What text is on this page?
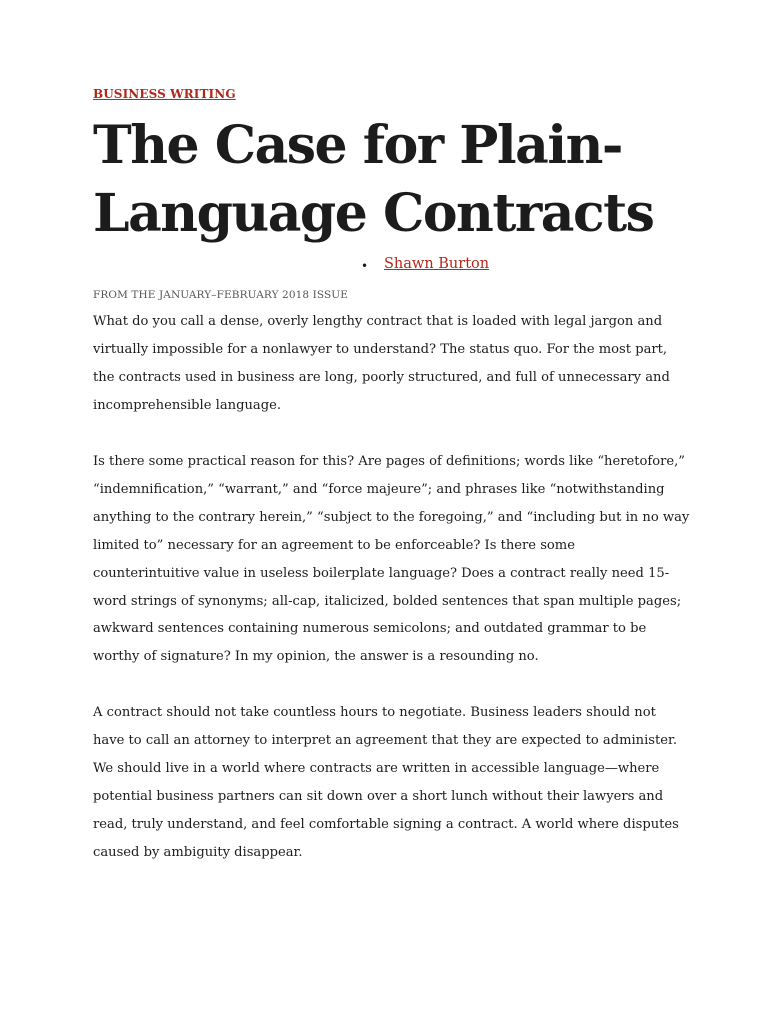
BUSINESS WRITING
The Case for Plain-
Language Contracts
• Shawn Burton
FROM THE JANUARY–FEBRUARY 2018 ISSUE

What do you call a dense, overly lengthy contract that is loaded with legal jargon and
virtually impossible for a nonlawyer to understand? The status quo. For the most part,
the contracts used in business are long, poorly structured, and full of unnecessary and
incomprehensible language.

Is there some practical reason for this? Are pages of definitions; words like “heretofore,”
“indemnification,” “warrant,” and “force majeure”; and phrases like “notwithstanding
anything to the contrary herein,” “subject to the foregoing,” and “including but in no way
limited to” necessary for an agreement to be enforceable? Is there some
counterintuitive value in useless boilerplate language? Does a contract really need 15-
word strings of synonyms; all-cap, italicized, bolded sentences that span multiple pages;
awkward sentences containing numerous semicolons; and outdated grammar to be
worthy of signature? In my opinion, the answer is a resounding no.

A contract should not take countless hours to negotiate. Business leaders should not
have to call an attorney to interpret an agreement that they are expected to administer.
We should live in a world where contracts are written in accessible language—where
potential business partners can sit down over a short lunch without their lawyers and
read, truly understand, and feel comfortable signing a contract. A world where disputes
caused by ambiguity disappear.
